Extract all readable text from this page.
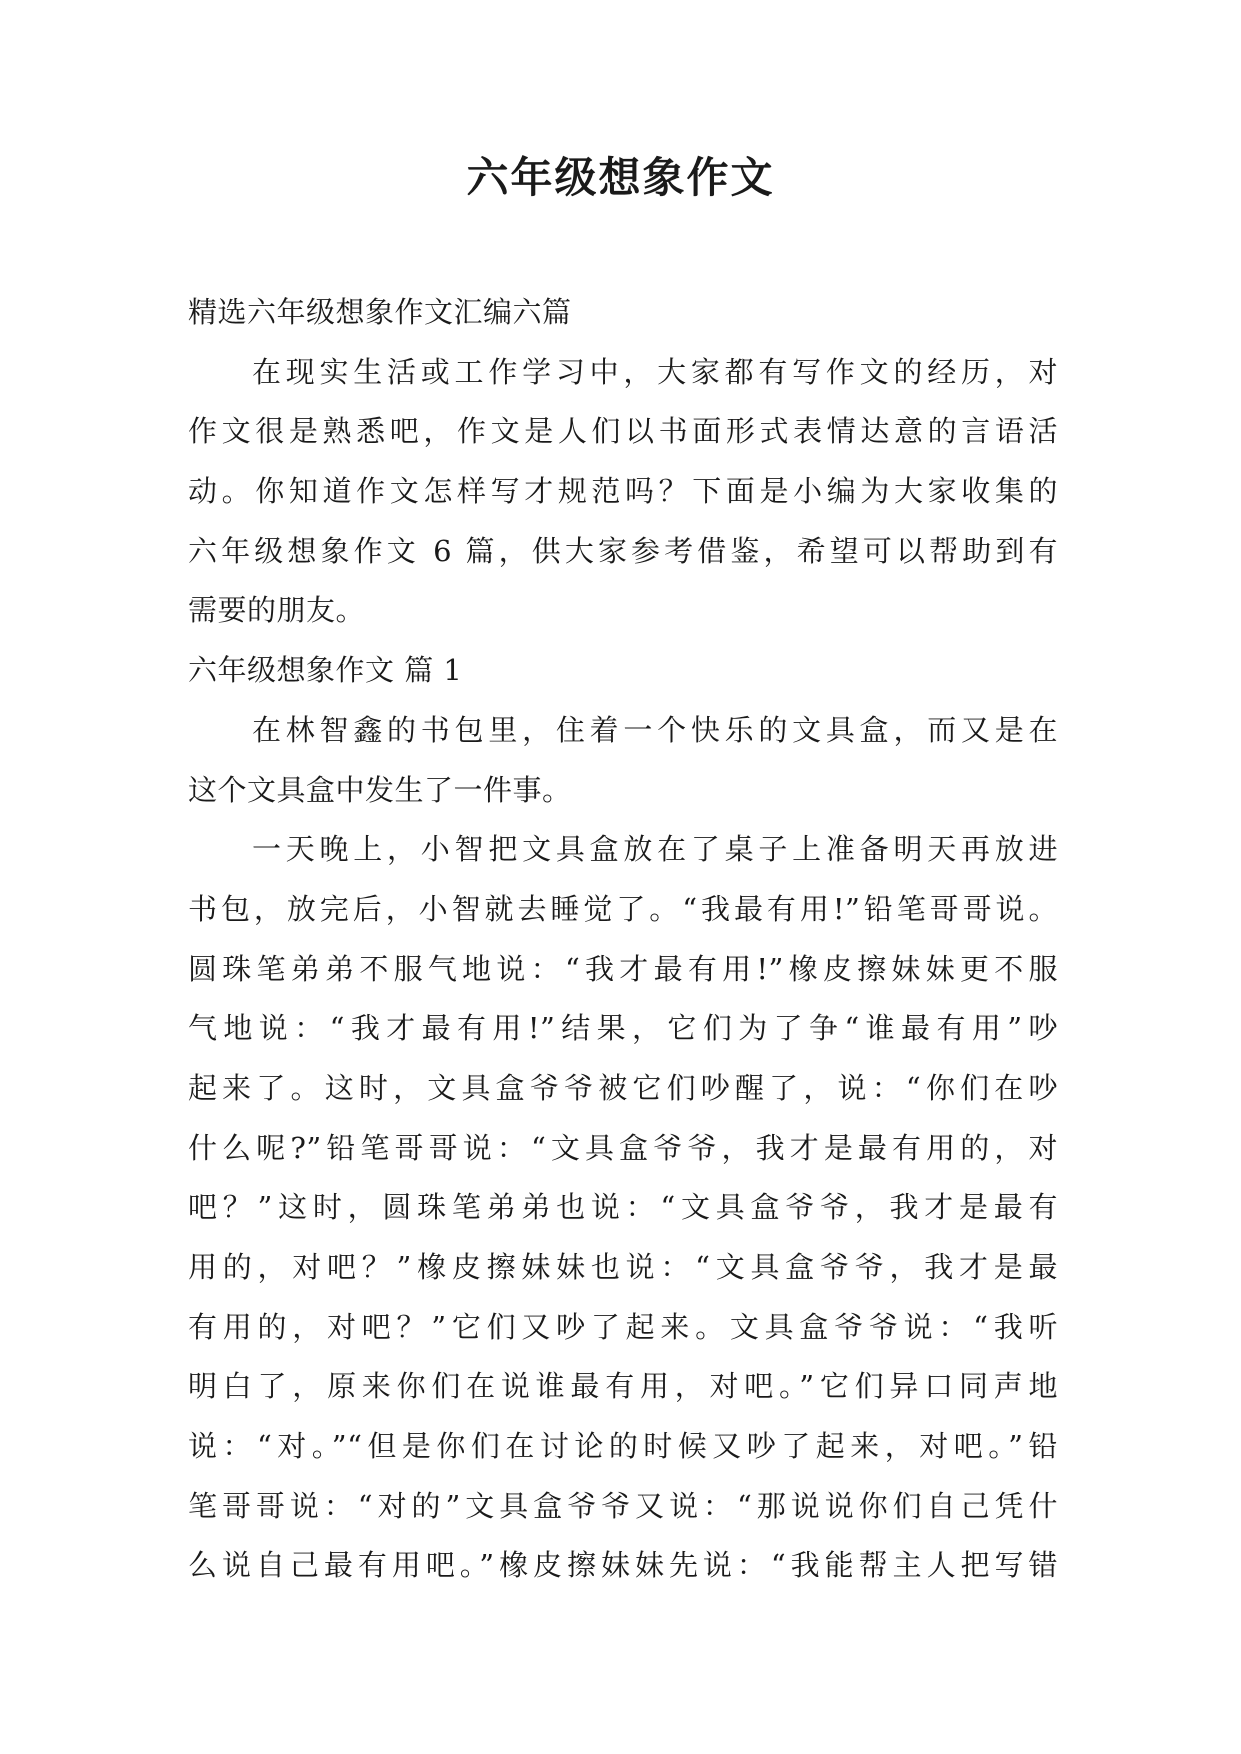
六年级想象作文
精选六年级想象作文汇编六篇
在现实生活或工作学习中，大家都有写作文的经历，对
作文很是熟悉吧，作文是人们以书面形式表情达意的言语活
动。你知道作文怎样写才规范吗？下面是小编为大家收集的
六年级想象作文 6 篇，供大家参考借鉴，希望可以帮助到有
需要的朋友。
六年级想象作文 篇 1
在林智鑫的书包里，住着一个快乐的文具盒，而又是在
这个文具盒中发生了一件事。
一天晚上，小智把文具盒放在了桌子上准备明天再放进
书包，放完后，小智就去睡觉了。“我最有用!”铅笔哥哥说。
圆珠笔弟弟不服气地说：“我才最有用!”橡皮擦妹妹更不服
气地说：“我才最有用!”结果，它们为了争“谁最有用”吵
起来了。这时，文具盒爷爷被它们吵醒了，说：“你们在吵
什么呢?”铅笔哥哥说：“文具盒爷爷，我才是最有用的，对
吧？”这时，圆珠笔弟弟也说：“文具盒爷爷，我才是最有
用的，对吧？”橡皮擦妹妹也说：“文具盒爷爷，我才是最
有用的，对吧？”它们又吵了起来。文具盒爷爷说：“我听
明白了，原来你们在说谁最有用，对吧。”它们异口同声地
说：“对。”“但是你们在讨论的时候又吵了起来，对吧。”铅
笔哥哥说：“对的”文具盒爷爷又说：“那说说你们自己凭什
么说自己最有用吧。”橡皮擦妹妹先说：“我能帮主人把写错
